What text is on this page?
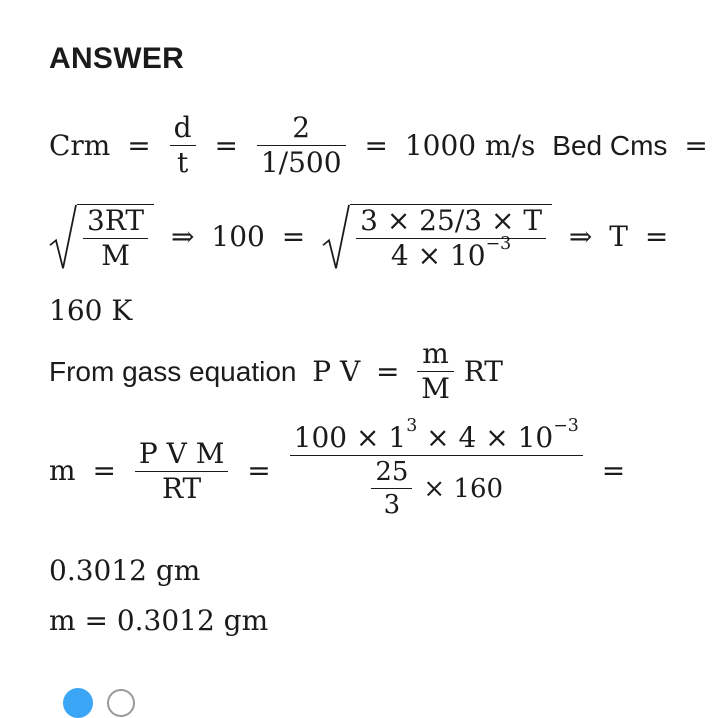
ANSWER
Crm = $\frac{d}{t} = \frac{2}{1/500} = 1000$ m/s Bed Cms =
$\frac{3RT}{M}$ ⇒ $100 = \frac{3 \times 25/3 \times T}{4 \times 10^{-3}}$ ⇒ T =
160 K
From gass equation P $V = \frac{m}{M}$ RT
$m = \frac{\text{P V M}}{RT} = \frac{100 \times 1^3 \times 4 \times 10^{-3}}{\frac{25}{3} \times 160}$ =
0.3012 gm
m = 0.3012 gm
